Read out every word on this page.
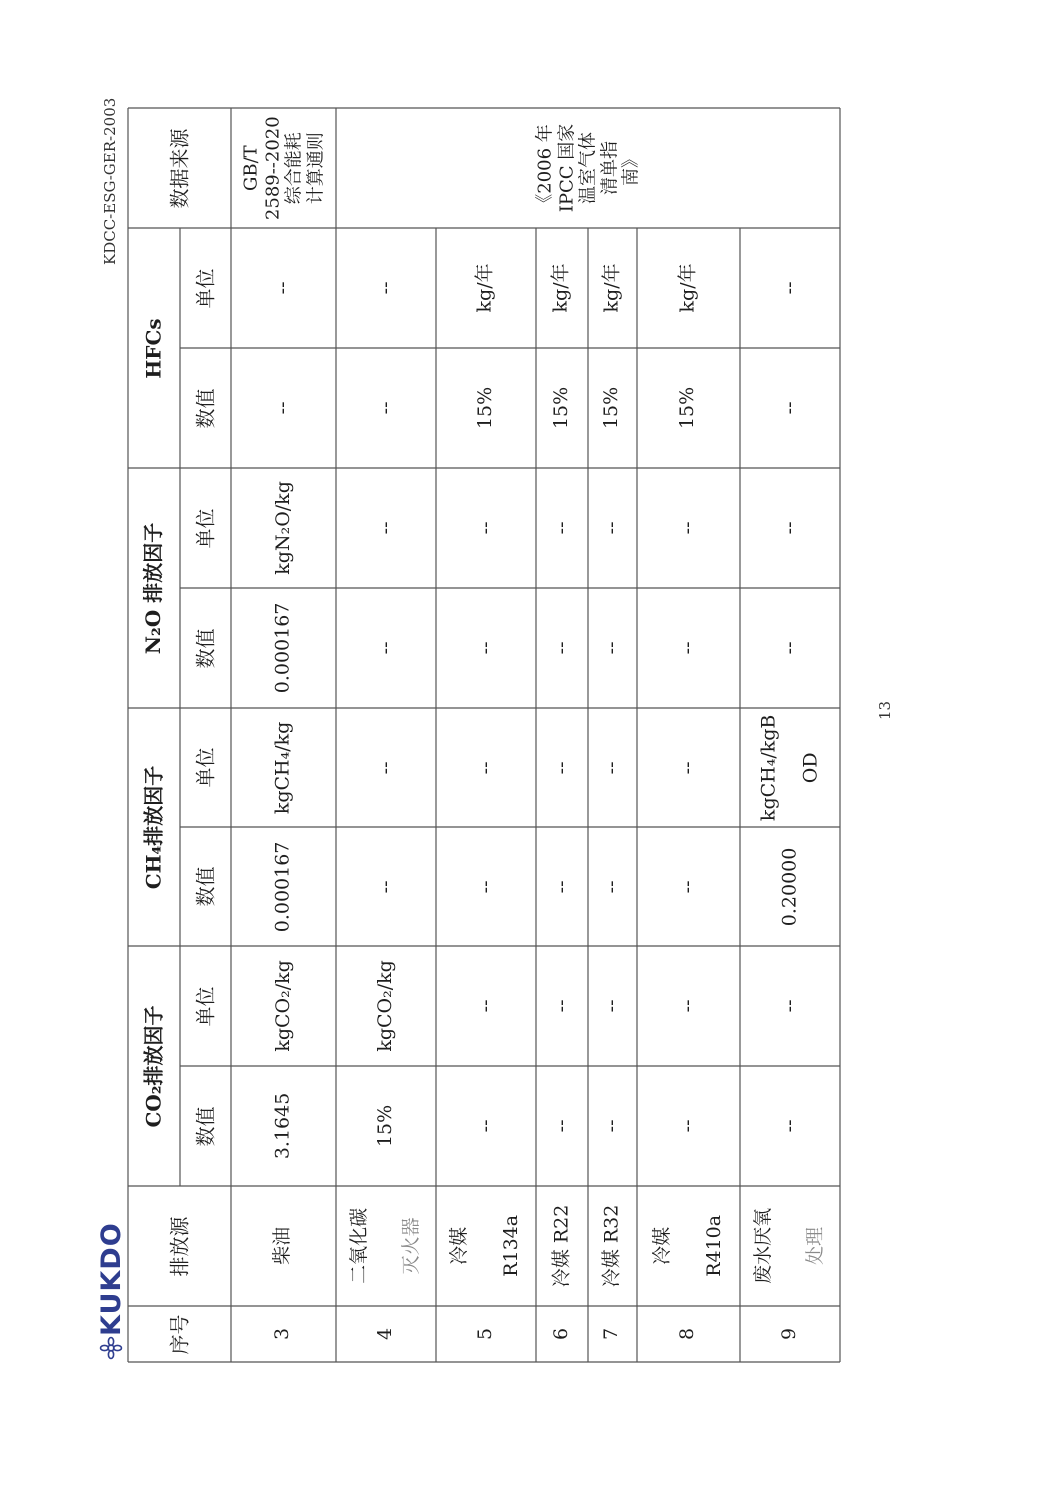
KDCC-ESG-GER-2003
13
KUKDO 序号
排放源
CO₂排放因子
CH₄排放因子
N₂O 排放因子
HFCs
数据来源
数值
单位
数值
单位
数值
单位
数值
单位
GB/T
2589--2020
综合能耗
计算通则	《2006 年
IPCC 国家
温室气体
清单指
南》
3
柴油
3.1645
kgCO₂/kg
0.000167
kgCH₄/kg
0.000167
kgN₂O/kg
--
--
4
二氧化碳 灭火器
15%
kgCO₂/kg
--
--
--
--
--
--
5
冷媒 R134a
--
--
--
--
--
--
15%
kg/年
6
冷媒 R22
--
--
--
--
--
--
15%
kg/年
7
冷媒 R32
--
--
--
--
--
--
15%
kg/年
8
冷媒 R410a
--
--
--
--
--
--
15%
kg/年
9
废水厌氧 处理
--
--
0.20000
kgCH₄/kgB OD
--
--
--
--
